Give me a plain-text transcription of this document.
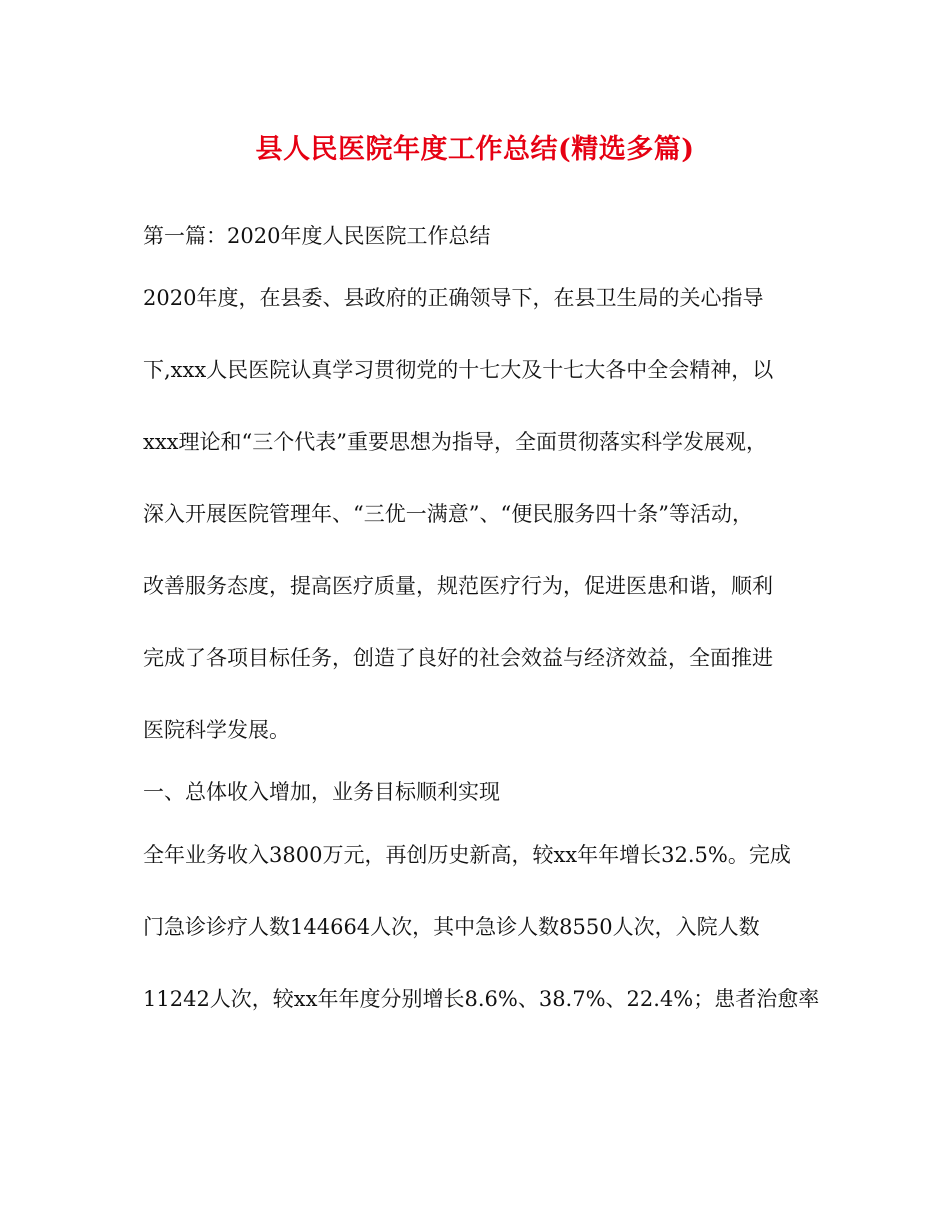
县人民医院年度工作总结(精选多篇)
第一篇：2020年度人民医院工作总结
2020年度，在县委、县政府的正确领导下，在县卫生局的关心指导
下,xxx人民医院认真学习贯彻党的十七大及十七大各中全会精神，以
xxx理论和“三个代表”重要思想为指导，全面贯彻落实科学发展观，
深入开展医院管理年、“三优一满意”、“便民服务四十条”等活动，
改善服务态度，提高医疗质量，规范医疗行为，促进医患和谐，顺利
完成了各项目标任务，创造了良好的社会效益与经济效益，全面推进
医院科学发展。
一、总体收入增加，业务目标顺利实现
全年业务收入3800万元，再创历史新高，较xx年年增长32.5%。完成
门急诊诊疗人数144664人次，其中急诊人数8550人次，入院人数
11242人次，较xx年年度分别增长8.6%、38.7%、22.4%；患者治愈率
